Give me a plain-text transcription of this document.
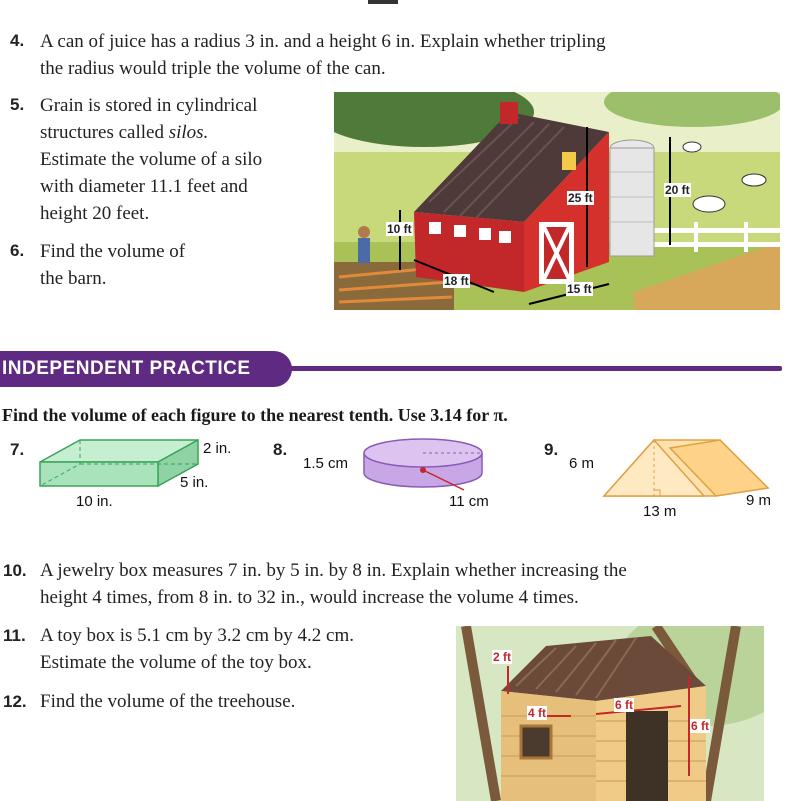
4. A can of juice has a radius 3 in. and a height 6 in. Explain whether tripling
the radius would triple the volume of the can.
5. Grain is stored in cylindrical
structures called silos.
Estimate the volume of a silo
with diameter 11.1 feet and
height 20 feet.
6. Find the volume of
the barn.
10 ft
18 ft
25 ft
15 ft
20 ft
INDEPENDENT PRACTICE
Find the volume of each figure to the nearest tenth. Use 3.14 for π.
7.	2 in.
5 in.
10 in.
8.
1.5 cm
11 cm
9.
6 m
13 m
9 m
10. A jewelry box measures 7 in. by 5 in. by 8 in. Explain whether increasing the
height 4 times, from 8 in. to 32 in., would increase the volume 4 times.
11. A toy box is 5.1 cm by 3.2 cm by 4.2 cm.
Estimate the volume of the toy box.
12. Find the volume of the treehouse.
2 ft
4 ft
6 ft
6 ft
